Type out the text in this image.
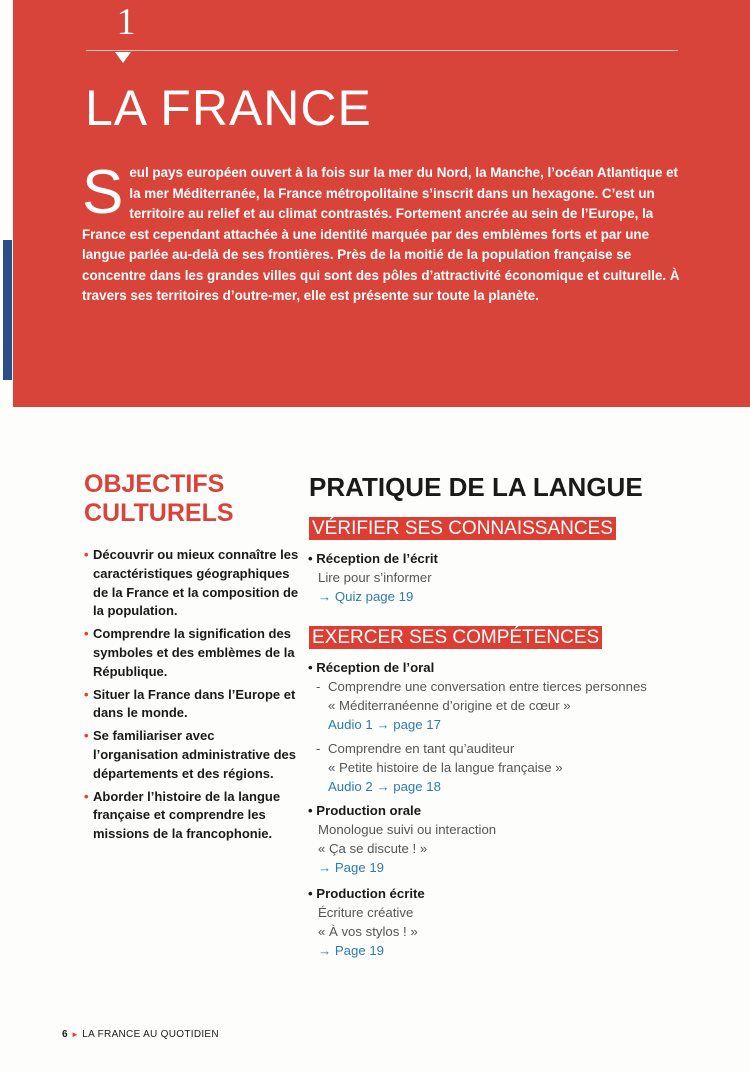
1
LA FRANCE
S eul pays européen ouvert à la fois sur la mer du Nord, la Manche, l’océan Atlantique et la mer Méditerranée, la France métropolitaine s’inscrit dans un hexagone. C’est un territoire au relief et au climat contrastés. Fortement ancrée au sein de l’Europe, la France est cependant attachée à une identité marquée par des emblèmes forts et par une langue parlée au-delà de ses frontières. Près de la moitié de la population française se concentre dans les grandes villes qui sont des pôles d’attractivité économique et culturelle. À travers ses territoires d’outre-mer, elle est présente sur toute la planète.

OBJECTIFS CULTURELS
• Découvrir ou mieux connaître les caractéristiques géographiques de la France et la composition de la population.
• Comprendre la signification des symboles et des emblèmes de la République.
• Situer la France dans l’Europe et dans le monde.
• Se familiariser avec l’organisation administrative des départements et des régions.
• Aborder l’histoire de la langue française et comprendre les missions de la francophonie.
PRATIQUE DE LA LANGUE
VÉRIFIER SES CONNAISSANCES
• Réception de l’écrit
Lire pour s’informer
→ Quiz page 19
EXERCER SES COMPÉTENCES
• Réception de l’oral
- Comprendre une conversation entre tierces personnes
« Méditerranéenne d’origine et de cœur »
Audio 1 → page 17
- Comprendre en tant qu’auditeur
« Petite histoire de la langue française »
Audio 2 → page 18
• Production orale
Monologue suivi ou interaction
« Ça se discute ! »
→ Page 19
• Production écrite
Écriture créative
« À vos stylos ! »
→ Page 19
6 ► LA FRANCE AU QUOTIDIEN
